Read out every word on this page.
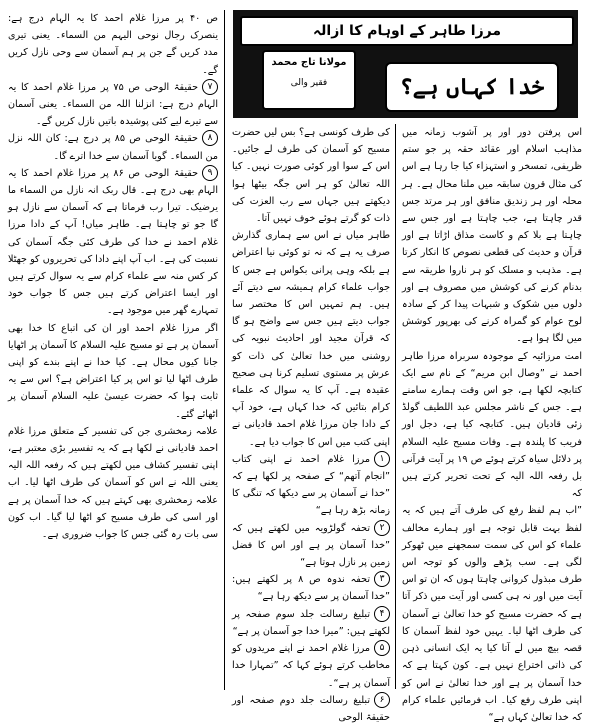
مرزا طاہر کے اوہام کا ازالہ
مولانا تاج محمد
فقیر والی	خدا کہاں ہے؟

اس پرفتن دور اور پر آشوب زمانہ میں مذاہب اسلام اور عقائد حقہ پر جو ستم ظریفی، تمسخر و استہزاء کیا جا رہا ہے اس کی مثال قرون سابقہ میں ملنا محال ہے۔ ہر محلہ اور ہر زندیق منافق اور ہر مرتد جس قدر چاہتا ہے، جب چاہتا ہے اور جس سے چاہتا ہے بلا کم و کاست مذاق اڑاتا ہے اور قرآن و حدیث کی قطعی نصوص کا انکار کرتا ہے۔ مذہب و مسلک کو ہر ناروا طریقہ سے بدنام کرنے کی کوشش میں مصروف ہے اور دلوں میں شکوک و شبہات پیدا کر کے سادہ لوح عوام کو گمراہ کرنے کی بھرپور کوشش میں لگا ہوا ہے۔

امت مرزائیہ کے موجودہ سربراہ مرزا طاہر احمد نے ”وصال ابن مریم“ کے نام سے ایک کتابچہ لکھا ہے، جو اس وقت ہمارے سامنے ہے۔ جس کے ناشر مجلس عبد اللطیف گولڈ زئی قادیان ہیں۔ کتابچہ کیا ہے، دجل اور فریب کا پلندہ ہے۔ وفات مسیح علیہ السلام پر دلائل سیاہ کرتے ہوئے ص ۱۹ پر آیت قرآنی بل رفعہ اللہ الیہ کے تحت تحریر کرتے ہیں کہ

”اب ہم لفظ رفع کی طرف آتے ہیں کہ یہ لفظ بہت قابل توجہ ہے اور ہمارے مخالف علماء کو اس کی سمت سمجھنے میں ٹھوکر لگی ہے۔ سب پڑھے والوں کو توجہ اس طرف مبذول کروانی چاہتا ہوں کہ ان تو اس آیت میں اور نہ ہی کسی اور آیت میں ذکر آتا ہے کہ حضرت مسیح کو خدا تعالیٰ نے آسمان کی طرف اٹھا لیا۔ یہیں خود لفظ آسمان کا قصہ بیچ میں لے آتا کیا یہ ایک انسانی ذہن کی ذاتی اختراع نہیں ہے۔ کون کہتا ہے کہ خدا آسمان پر ہے اور خدا تعالیٰ نے اس کو اپنی طرف رفع کیا۔ اب فرمائیں علماء کرام کہ خدا تعالیٰ کہاں ہے“

کی طرف کونسی ہے؟ بس لیں حضرت مسیح کو آسمان کی طرف لے جائیں۔ اس کے سوا اور کوئی صورت نہیں۔ کیا اللہ تعالیٰ کو ہر اس جگہ بیٹھا ہوا دیکھتے ہیں جہاں سے رب العزت کی ذات کو گرتے ہوئے خوف نہیں آتا۔

طاہر میاں نے اس سے ہماری گذارش صرف یہ ہے کہ نہ تو کوئی نیا اعتراض ہے بلکہ وہی پرانی بکواس ہے جس کا جواب علماء کرام ہمیشہ سے دیتے آئے ہیں۔ ہم تمہیں اس کا مختصر سا جواب دیتے ہیں جس سے واضح ہو گا کہ قرآن مجید اور احادیث نبویہ کی روشنی میں خدا تعالیٰ کی ذات کو عرش پر مستوی تسلیم کرنا ہی صحیح عقیدہ ہے۔ آپ کا یہ سوال کہ علماء کرام بتائیں کہ خدا کہاں ہے، خود آپ کے دادا جان مرزا غلام احمد قادیانی نے اپنی کتب میں اس کا جواب دیا ہے۔

۱مرزا غلام احمد نے اپنی کتاب ”انجام آتھم“ کے صفحہ پر لکھا ہے کہ ”خدا نے آسمان پر سے دیکھا کہ تنگی کا زمانہ بڑھ رہا ہے“

۲تحفہ گولڑویہ میں لکھتے ہیں کہ ”خدا آسمان پر ہے اور اس کا فضل زمین پر نازل ہوتا ہے“

۳تحفہ ندوہ ص ۸ پر لکھتے ہیں: ”خدا آسمان پر سے دیکھ رہا ہے“

۴تبلیغ رسالت جلد سوم صفحہ پر لکھتے ہیں: ”میرا خدا جو آسمان پر ہے“

۵مرزا غلام احمد نے اپنے مریدوں کو مخاطب کرتے ہوئے کہا کہ ”تمہارا خدا آسمان پر ہے“۔

۶تبلیغ رسالت جلد دوم صفحہ اور حقیقۃ الوحی

ص ۴۰ پر مرزا غلام احمد کا یہ الہام درج ہے: ینصرک رجال نوحی الیہم من السماء۔ یعنی تیری مدد کریں گے جن پر ہم آسمان سے وحی نازل کریں گے۔

۷حقیقۃ الوحی ص ۷۵ پر مرزا غلام احمد کا یہ الہام درج ہے: انزلنا اللہ من السماء۔ یعنی آسمان سے تیرے لیے کئی پوشیدہ باتیں نازل کریں گے۔

۸حقیقۃ الوحی ص ۸۵ پر درج ہے: کان اللہ نزل من السماء۔ گویا آسمان سے خدا اترے گا۔

۹حقیقۃ الوحی ص ۸۶ پر مرزا غلام احمد کا یہ الہام بھی درج ہے۔ قال ربک انہ نازل من السماء ما یرضیک۔ تیرا رب فرماتا ہے کہ آسمان سے نازل ہو گا جو تو چاہتا ہے۔ طاہر میاں! آپ کے دادا مرزا غلام احمد نے خدا کی طرف کئی جگہ آسمان کی نسبت کی ہے۔ اب آپ اپنے دادا کی تحریروں کو جھٹلا کر کس منہ سے علماء کرام سے یہ سوال کرتے ہیں اور ایسا اعتراض کرتے ہیں جس کا جواب خود تمہارے گھر میں موجود ہے۔

اگر مرزا غلام احمد اور ان کی اتباع کا خدا بھی آسمان پر ہے تو مسیح علیہ السلام کا آسمان پر اٹھایا جانا کیوں محال ہے۔ کیا خدا نے اپنے بندے کو اپنی طرف اٹھا لیا تو اس پر کیا اعتراض ہے؟ اس سے یہ ثابت ہوا کہ حضرت عیسیٰ علیہ السلام آسمان پر اٹھائے گئے۔

علامہ زمخشری جن کی تفسیر کے متعلق مرزا غلام احمد قادیانی نے لکھا ہے کہ یہ تفسیر بڑی معتبر ہے، اپنی تفسیر کشاف میں لکھتے ہیں کہ رفعہ اللہ الیہ یعنی اللہ نے اس کو آسمان کی طرف اٹھا لیا۔ اب علامہ زمخشری بھی کہتے ہیں کہ خدا آسمان پر ہے اور اسی کی طرف مسیح کو اٹھا لیا گیا۔ اب کون سی بات رہ گئی جس کا جواب ضروری ہے۔
